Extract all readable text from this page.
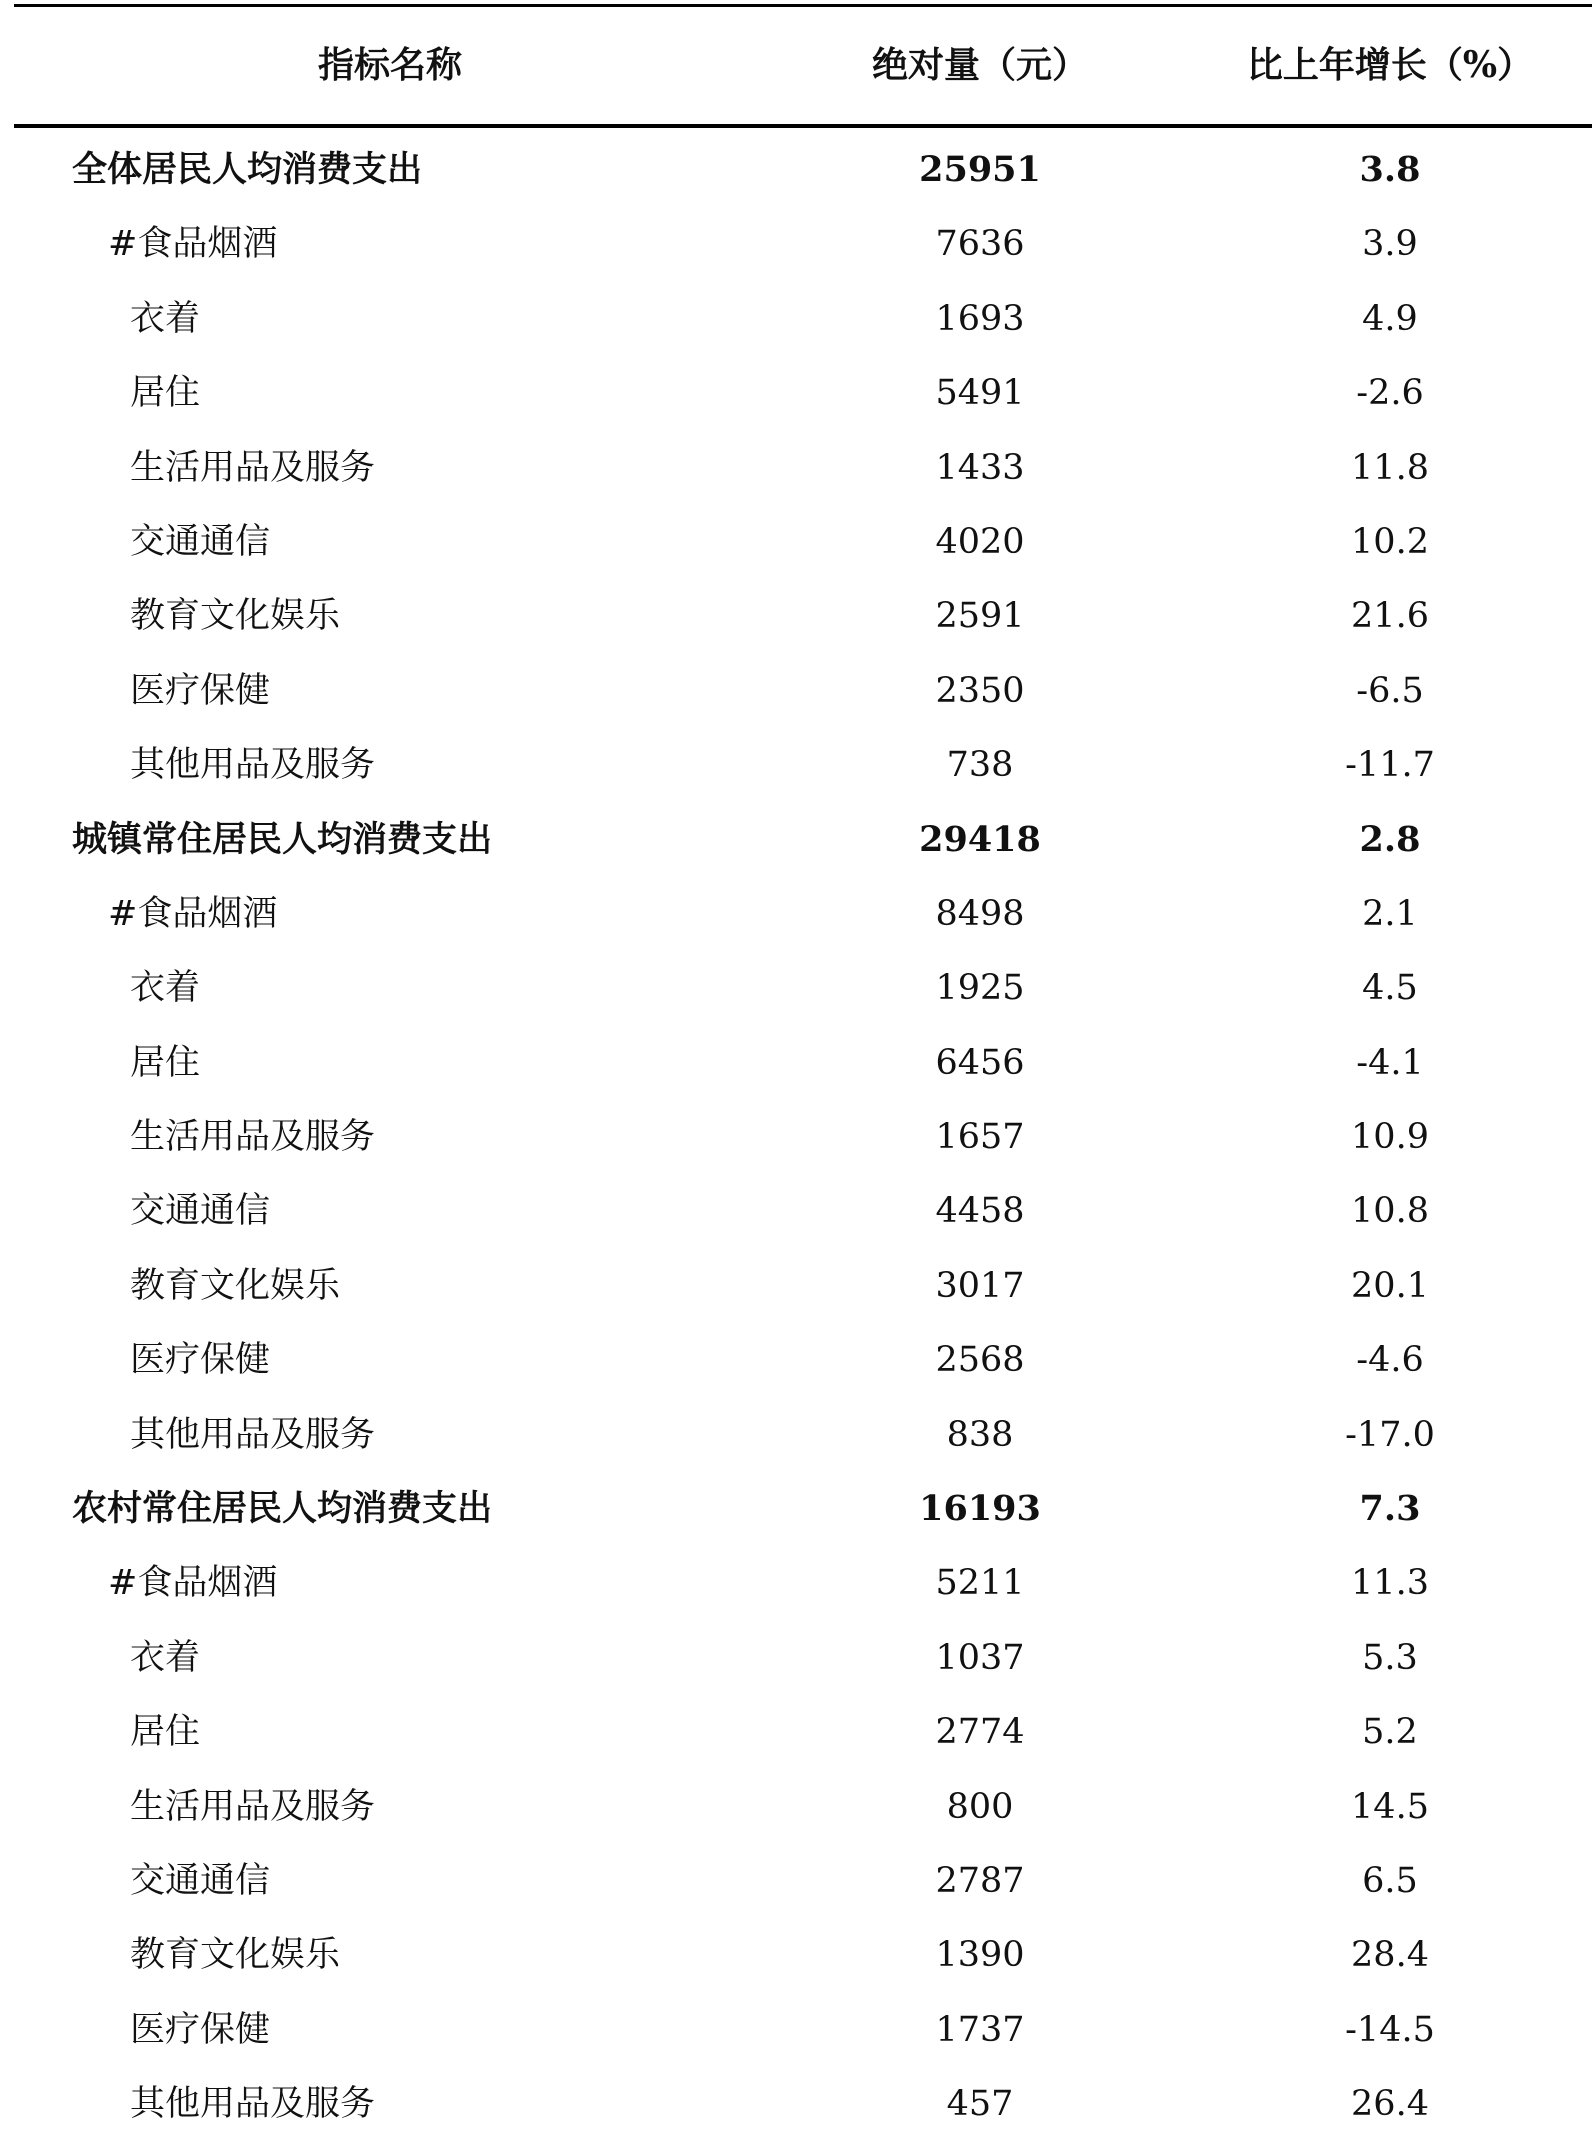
指标名称	绝对量（元）	比上年增长（%）
全体居民人均消费支出	25951	3.8
#食品烟酒	7636	3.9
衣着	1693	4.9
居住	5491	-2.6
生活用品及服务	1433	11.8
交通通信	4020	10.2
教育文化娱乐	2591	21.6
医疗保健	2350	-6.5
其他用品及服务	738	-11.7
城镇常住居民人均消费支出	29418	2.8
#食品烟酒	8498	2.1
衣着	1925	4.5
居住	6456	-4.1
生活用品及服务	1657	10.9
交通通信	4458	10.8
教育文化娱乐	3017	20.1
医疗保健	2568	-4.6
其他用品及服务	838	-17.0
农村常住居民人均消费支出	16193	7.3
#食品烟酒	5211	11.3
衣着	1037	5.3
居住	2774	5.2
生活用品及服务	800	14.5
交通通信	2787	6.5
教育文化娱乐	1390	28.4
医疗保健	1737	-14.5
其他用品及服务	457	26.4
